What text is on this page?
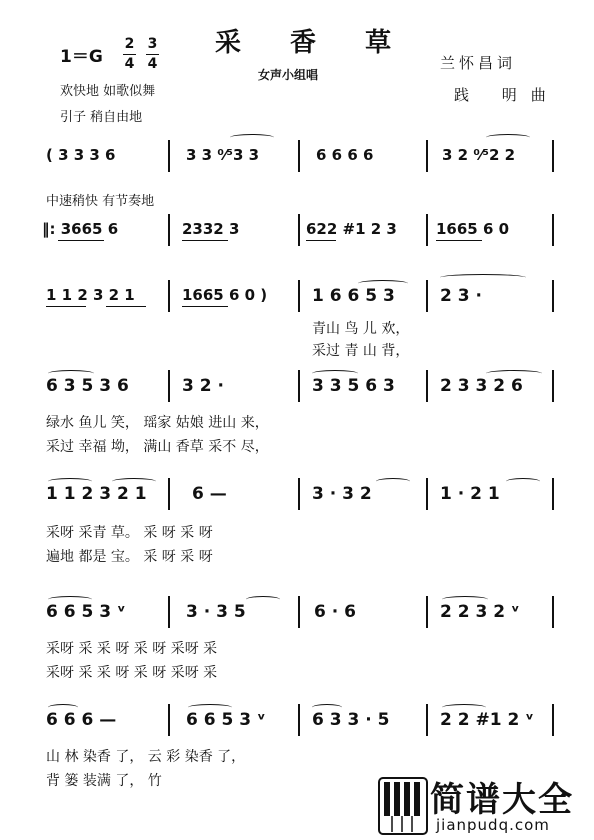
采 香 草
女声小组唱
1＝G
2
4
3
4	兰怀昌词
践 明曲
欢快地 如歌似舞
引子 稍自由地
中速稍快 有节奏地
( 3 3 3 6	3 3 ⁰⁄⁵3 3	6 6 6 6	3 2 ⁰⁄⁵2 2
‖: 3665 6	2332 3	622 #1 2 3	1665 6 0
1 1 2 3 2 1	1665 6 0 )	1 6 6 5 3	2 3 ·
青山 鸟 儿 欢，
采过 青 山 背，
6 3 5 3 6	3 2 ·	3 3 5 6 3	2 3 3 2 6
绿水 鱼儿 笑， 瑶家 姑娘 进山 来，
采过 幸福 坳， 满山 香草 采不 尽，
1 1 2 3 2 1	6 —	3 · 3 2	1 · 2 1
采呀 采青 草。 采 呀 采 呀
遍地 都是 宝。 采 呀 采 呀
6 6 5 3 ᵛ	3 · 3 5	6 · 6	2 2 3 2 ᵛ
采呀 采 采 呀 采 呀 采呀 采
采呀 采 采 呀 采 呀 采呀 采
6 6 6 —	6 6 5 3 ᵛ	6 3 3 · 5	2 2 #1 2 ᵛ
山 林 染香 了， 云 彩 染香 了，
背 篓 装满 了， 竹	简谱大全
jianpudq.com
